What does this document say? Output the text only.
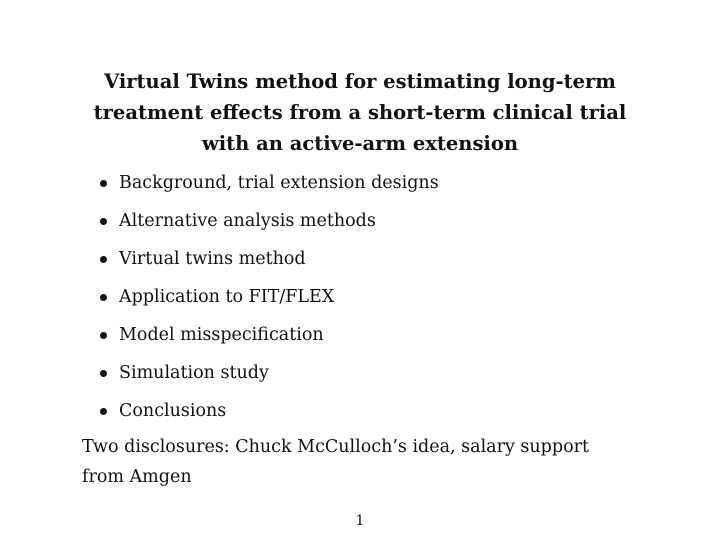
Virtual Twins method for estimating long-term
treatment effects from a short-term clinical trial
with an active-arm extension
Background, trial extension designs
Alternative analysis methods
Virtual twins method
Application to FIT/FLEX
Model misspecification
Simulation study
Conclusions

Two disclosures: Chuck McCulloch’s idea, salary support
from Amgen

1
